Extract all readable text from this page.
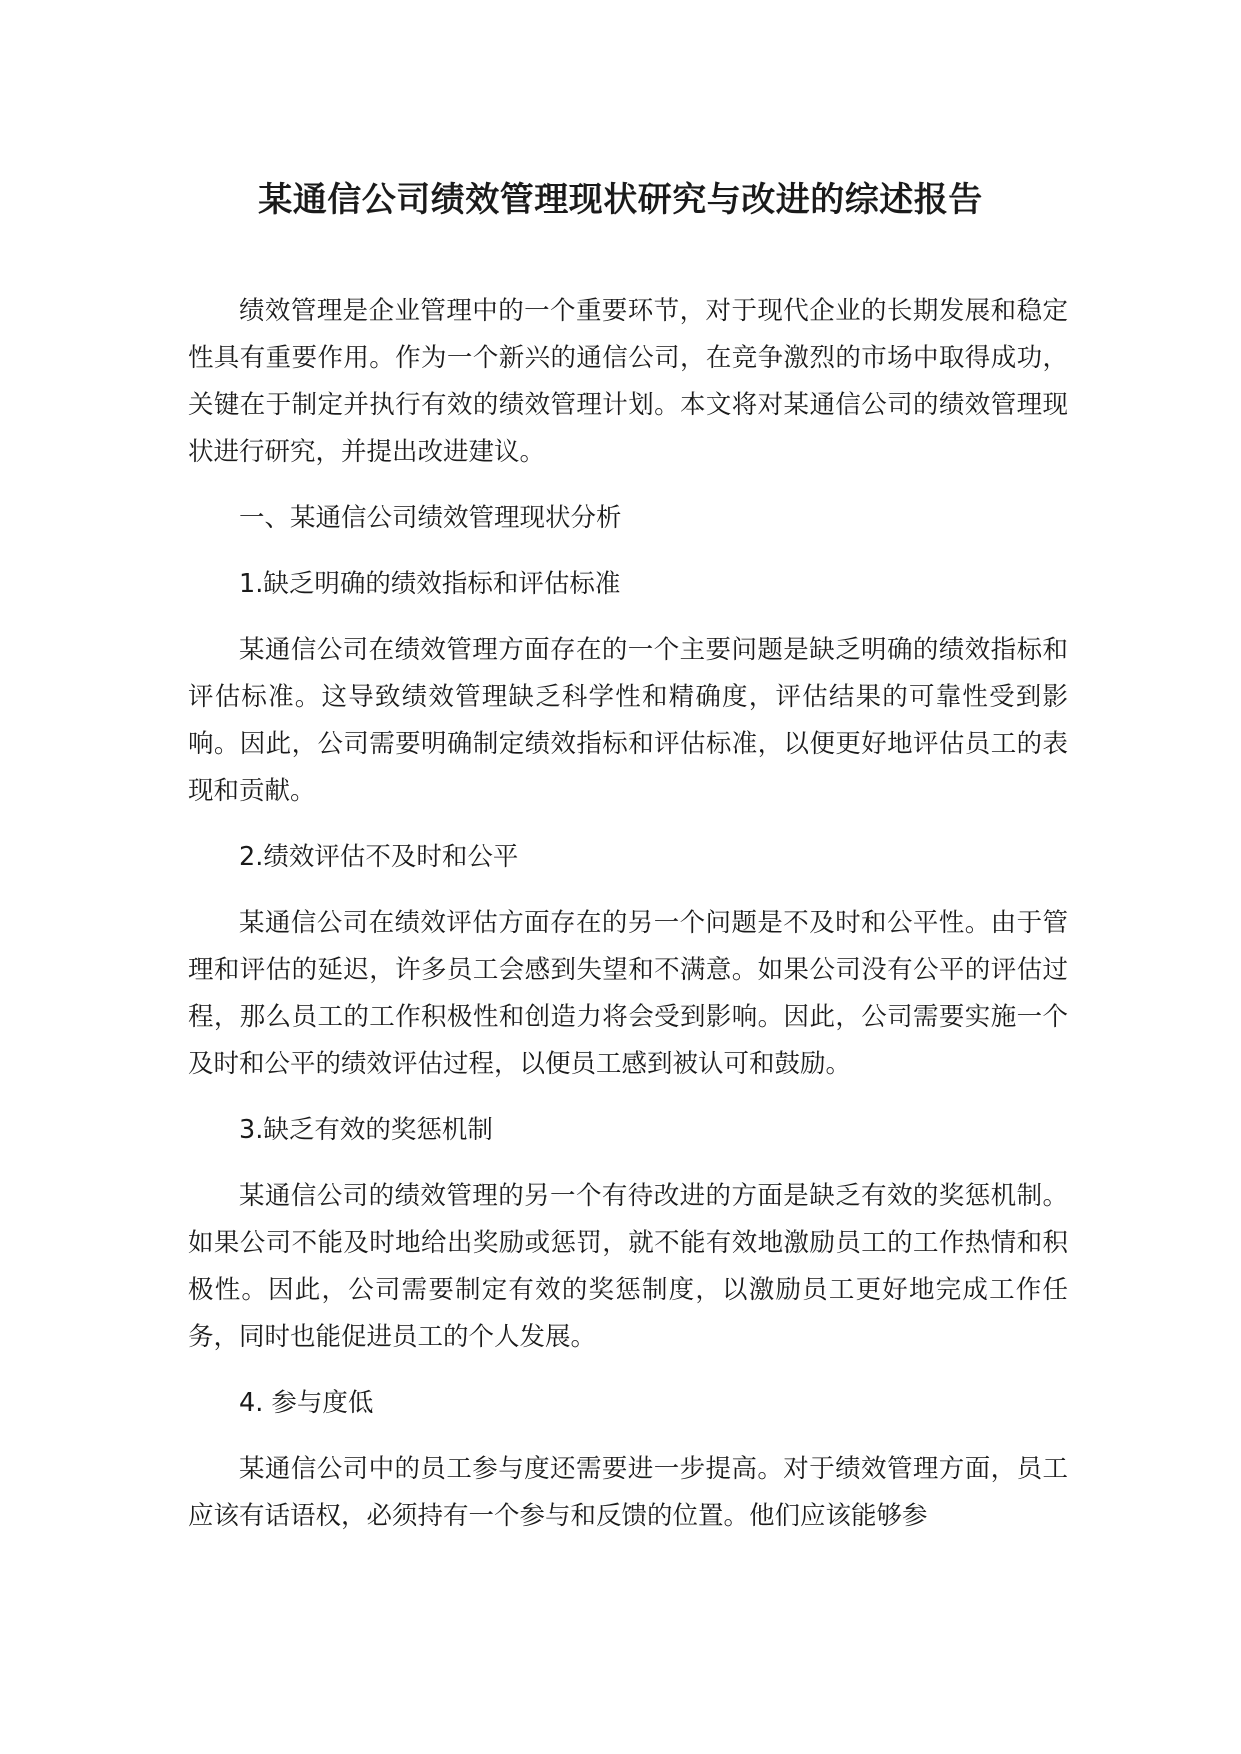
某通信公司绩效管理现状研究与改进的综述报告

绩效管理是企业管理中的一个重要环节，对于现代企业的长期发展和稳定性具有重要作用。作为一个新兴的通信公司，在竞争激烈的市场中取得成功，关键在于制定并执行有效的绩效管理计划。本文将对某通信公司的绩效管理现状进行研究，并提出改进建议。

一、某通信公司绩效管理现状分析

1.缺乏明确的绩效指标和评估标准

某通信公司在绩效管理方面存在的一个主要问题是缺乏明确的绩效指标和评估标准。这导致绩效管理缺乏科学性和精确度，评估结果的可靠性受到影响。因此，公司需要明确制定绩效指标和评估标准，以便更好地评估员工的表现和贡献。

2.绩效评估不及时和公平

某通信公司在绩效评估方面存在的另一个问题是不及时和公平性。由于管理和评估的延迟，许多员工会感到失望和不满意。如果公司没有公平的评估过程，那么员工的工作积极性和创造力将会受到影响。因此，公司需要实施一个及时和公平的绩效评估过程，以便员工感到被认可和鼓励。

3.缺乏有效的奖惩机制

某通信公司的绩效管理的另一个有待改进的方面是缺乏有效的奖惩机制。如果公司不能及时地给出奖励或惩罚，就不能有效地激励员工的工作热情和积极性。因此，公司需要制定有效的奖惩制度，以激励员工更好地完成工作任务，同时也能促进员工的个人发展。

4. 参与度低

某通信公司中的员工参与度还需要进一步提高。对于绩效管理方面，员工应该有话语权，必须持有一个参与和反馈的位置。他们应该能够参
